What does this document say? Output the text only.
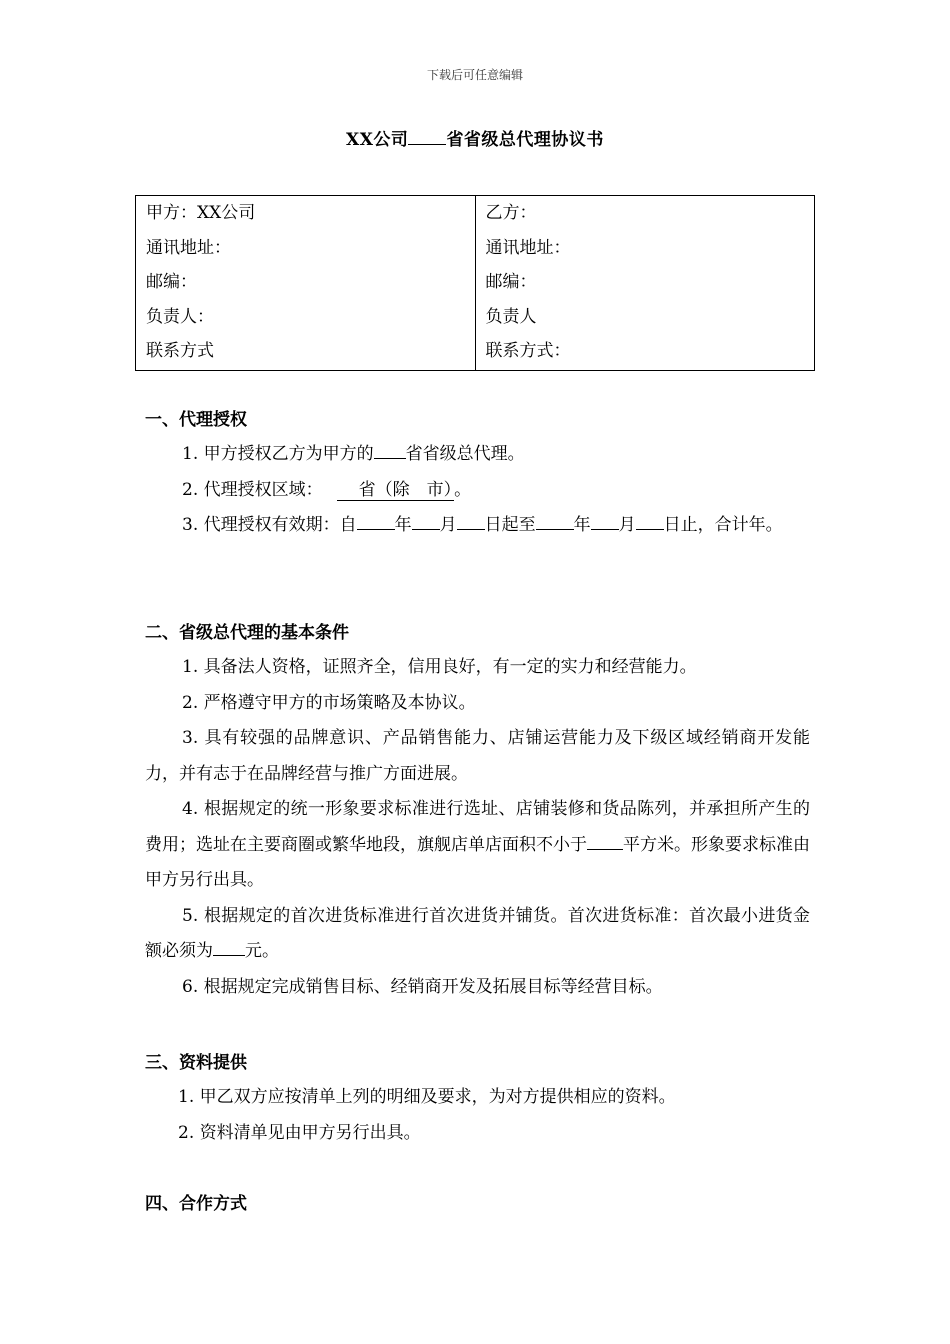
下载后可任意编辑
XX公司 省省级总代理协议书
甲方：XX公司
通讯地址：
邮编：
负责人：
联系方式
乙方：
通讯地址：
邮编：
负责人
联系方式：
一、代理授权

1. 甲方授权乙方为甲方的 省省级总代理。

2. 代理授权区域： 省（除　市） 。

3. 代理授权有效期：自 年 月 日起至 年 月 日止，合计年。

二、省级总代理的基本条件

1. 具备法人资格，证照齐全，信用良好，有一定的实力和经营能力。

2. 严格遵守甲方的市场策略及本协议。

3. 具有较强的品牌意识、产品销售能力、店铺运营能力及下级区域经销商开发能力，并有志于在品牌经营与推广方面进展。

4. 根据规定的统一形象要求标准进行选址、店铺装修和货品陈列，并承担所产生的费用；选址在主要商圈或繁华地段，旗舰店单店面积不小于 平方米。形象要求标准由甲方另行出具。

5. 根据规定的首次进货标准进行首次进货并铺货。首次进货标准：首次最小进货金额必须为 元。

6. 根据规定完成销售目标、经销商开发及拓展目标等经营目标。

三、资料提供

1. 甲乙双方应按清单上列的明细及要求，为对方提供相应的资料。

2. 资料清单见由甲方另行出具。

四、合作方式
